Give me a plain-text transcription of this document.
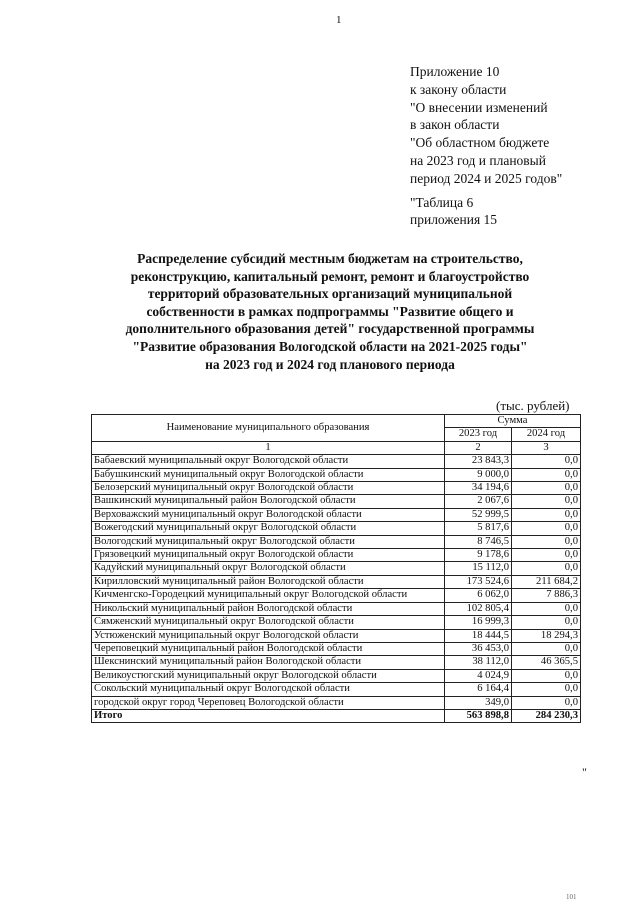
1
Приложение 10
к закону области
"О внесении изменений
в закон области
"Об областном бюджете
на 2023 год и плановый
период 2024 и 2025 годов"
"Таблица 6
приложения 15
Распределение субсидий местным бюджетам на строительство,
реконструкцию, капитальный ремонт, ремонт и благоустройство
территорий образовательных организаций муниципальной
собственности в рамках подпрограммы "Развитие общего и
дополнительного образования детей" государственной программы
"Развитие образования Вологодской области на 2021-2025 годы"
на 2023 год и 2024 год планового периода
(тыс. рублей)
Наименование муниципального образования	Сумма	
	2023 год	2024 год
1	2	3
Бабаевский муниципальный округ Вологодской области	23 843,3	0,0
Бабушкинский муниципальный округ Вологодской области	9 000,0	0,0
Белозерский муниципальный округ Вологодской области	34 194,6	0,0
Вашкинский муниципальный район Вологодской области	2 067,6	0,0
Верховажский муниципальный округ Вологодской области	52 999,5	0,0
Вожегодский муниципальный округ Вологодской области	5 817,6	0,0
Вологодский муниципальный округ Вологодской области	8 746,5	0,0
Грязовецкий муниципальный округ Вологодской области	9 178,6	0,0
Кадуйский муниципальный округ Вологодской области	15 112,0	0,0
Кирилловский муниципальный район Вологодской области	173 524,6	211 684,2
Кичменгско-Городецкий муниципальный округ Вологодской области	6 062,0	7 886,3
Никольский муниципальный район Вологодской области	102 805,4	0,0
Сямженский муниципальный округ Вологодской области	16 999,3	0,0
Устюженский муниципальный округ Вологодской области	18 444,5	18 294,3
Череповецкий муниципальный район Вологодской области	36 453,0	0,0
Шекснинский муниципальный район Вологодской области	38 112,0	46 365,5
Великоустюгский муниципальный округ Вологодской области	4 024,9	0,0
Сокольский муниципальный округ Вологодской области	6 164,4	0,0
городской округ город Череповец Вологодской области	349,0	0,0
Итого	563 898,8	284 230,3
"
101
